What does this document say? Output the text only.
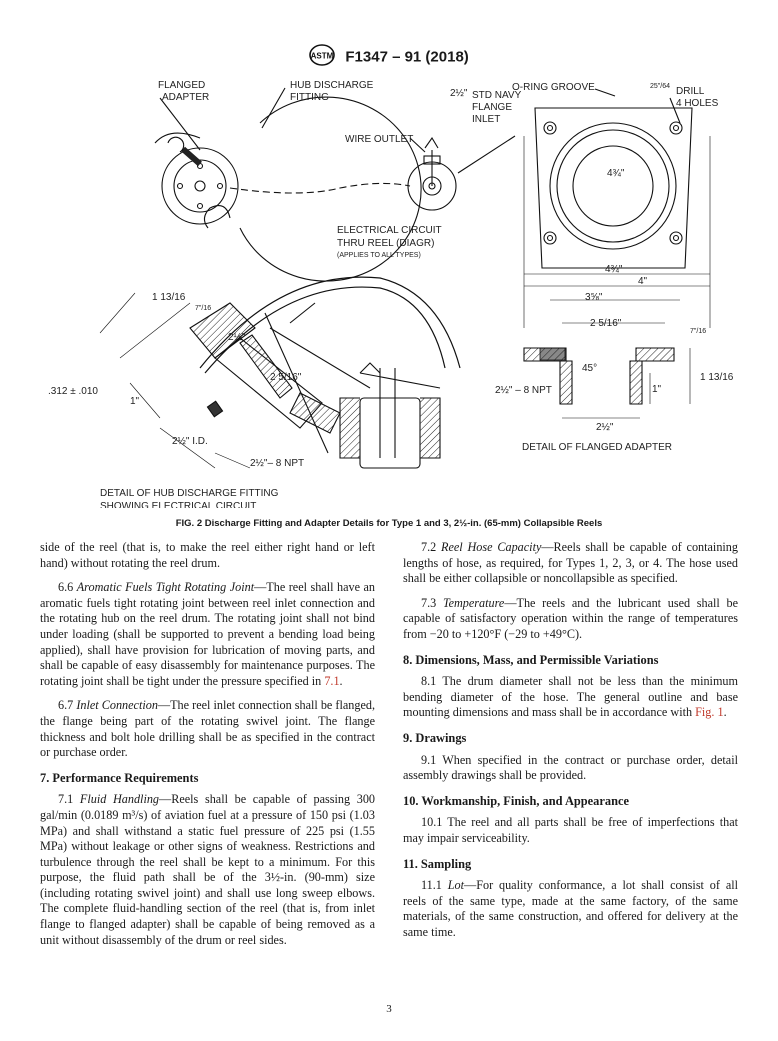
ASTM F1347 – 91 (2018)
FLANGED ADAPTER
HUB DISCHARGE FITTING
WIRE OUTLET
2½" STD NAVY
FLANGE
INLET
O-RING GROOVE	25"/64 DRILL
4 HOLES
4¾"
ELECTRICAL CIRCUIT
THRU REEL (DIAGR)
(APPLIES TO ALL TYPES)
4¾"
4"
3⅝"
2 5/16"
7"/16
45°
2½" – 8 NPT	1"
1 13/16
2½"
DETAIL OF FLANGED ADAPTER
1 13/16
7"/16
2½"
2 5/16"
.312 ± .010
1"
2½" I.D.
2½"– 8 NPT
DETAIL OF HUB DISCHARGE FITTING
SHOWING ELECTRICAL CIRCUIT
FIG. 2 Discharge Fitting and Adapter Details for Type 1 and 3, 2½-in. (65-mm) Collapsible Reels

side of the reel (that is, to make the reel either right hand or left hand) without rotating the reel drum.

6.6 Aromatic Fuels Tight Rotating Joint—The reel shall have an aromatic fuels tight rotating joint between reel inlet connection and the rotating hub on the reel drum. The rotating joint shall not bind under loading (shall be supported to prevent a bending load being applied), shall have provision for lubrication of moving parts, and shall be capable of easy disassembly for maintenance purposes. The rotating joint shall be tight under the pressure specified in 7.1.

6.7 Inlet Connection—The reel inlet connection shall be flanged, the flange being part of the rotating swivel joint. The flange thickness and bolt hole drilling shall be as specified in the contract or purchase order.

7. Performance Requirements

7.1 Fluid Handling—Reels shall be capable of passing 300 gal/min (0.0189 m³/s) of aviation fuel at a pressure of 150 psi (1.03 MPa) and shall withstand a static fuel pressure of 225 psi (1.55 MPa) without leakage or other signs of weakness. Restrictions and turbulence through the reel shall be kept to a minimum. For this purpose, the fluid path shall be of the 3½-in. (90-mm) size (including rotating swivel joint) and shall use long sweep elbows. The complete fluid-handling section of the reel (that is, from inlet flange to flanged adapter) shall be capable of being removed as a unit without disassembly of the drum or reel sides.

7.2 Reel Hose Capacity—Reels shall be capable of containing lengths of hose, as required, for Types 1, 2, 3, or 4. The hose used shall be either collapsible or noncollapsible as specified.

7.3 Temperature—The reels and the lubricant used shall be capable of satisfactory operation within the range of temperatures from −20 to +120°F (−29 to +49°C).

8. Dimensions, Mass, and Permissible Variations

8.1 The drum diameter shall not be less than the minimum bending diameter of the hose. The general outline and base mounting dimensions and mass shall be in accordance with Fig. 1.

9. Drawings

9.1 When specified in the contract or purchase order, detail assembly drawings shall be provided.

10. Workmanship, Finish, and Appearance

10.1 The reel and all parts shall be free of imperfections that may impair serviceability.

11. Sampling

11.1 Lot—For quality conformance, a lot shall consist of all reels of the same type, made at the same factory, of the same materials, of the same construction, and offered for delivery at the same time.

3
